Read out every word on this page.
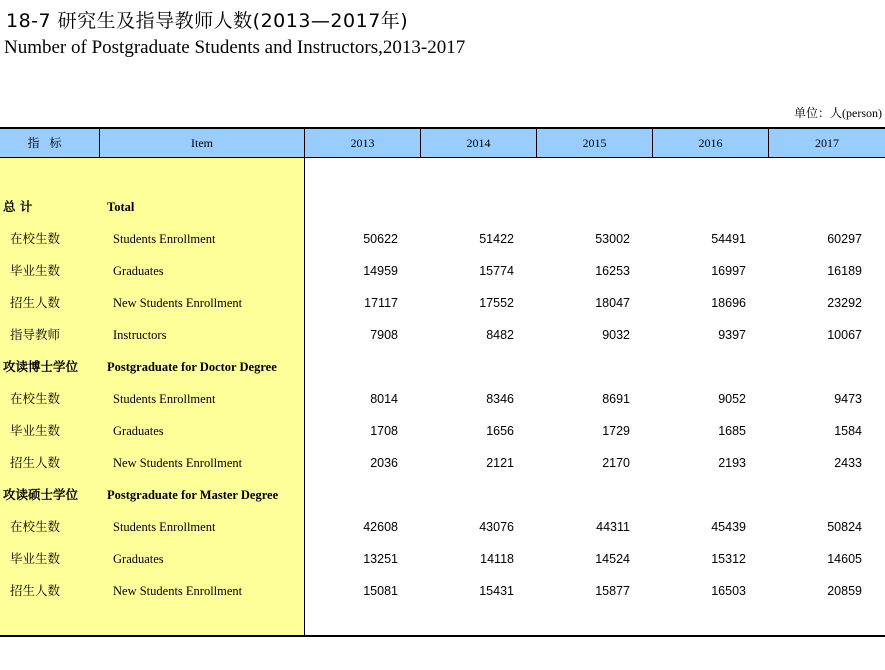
18-7 研究生及指导教师人数(2013—2017年)
Number of Postgraduate Students and Instructors,2013-2017
单位：人(person)
指标	Item	2013	2014	2015	2016	2017
总 计	Total
在校生数	Students Enrollment	50622	51422	53002	54491	60297
毕业生数	Graduates	14959	15774	16253	16997	16189
招生人数	New Students Enrollment	17117	17552	18047	18696	23292
指导教师	Instructors	7908	8482	9032	9397	10067
攻读博士学位 Postgraduate for Doctor Degree
在校生数	Students Enrollment	8014	8346	8691	9052	9473
毕业生数	Graduates	1708	1656	1729	1685	1584
招生人数	New Students Enrollment	2036	2121	2170	2193	2433
攻读硕士学位 Postgraduate for Master Degree
在校生数	Students Enrollment	42608	43076	44311	45439	50824
毕业生数	Graduates	13251	14118	14524	15312	14605
招生人数	New Students Enrollment	15081	15431	15877	16503	20859
